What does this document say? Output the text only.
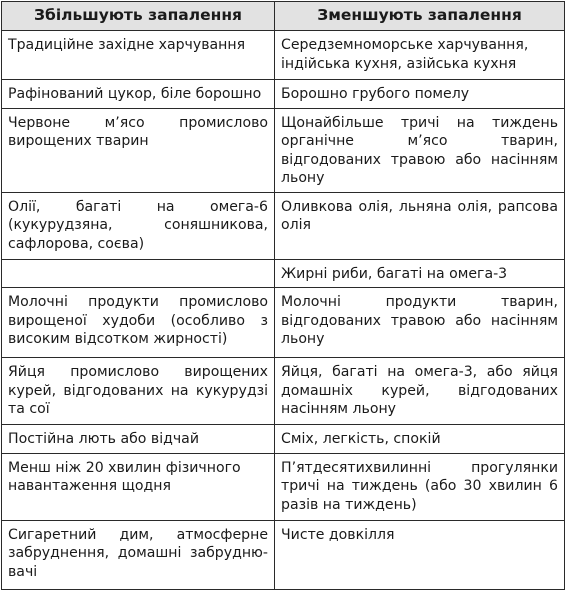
Збільшують запалення	Зменшують запалення
Традиційне західне харчування	Середземноморське харчування, індійська кухня, азійська кухня
Рафінований цукор, біле борошно	Борошно грубого помелу
Червоне м’ясо промислово вирощених тварин	Щонайбільше тричі на тиждень органічне м’ясо тварин, відгодованих травою або насінням льону
Олії, багаті на омега-6 (кукурудзяна, соняшникова, сафлорова, соєва)	Оливкова олія, льняна олія, рапсова олія
	Жирні риби, багаті на омега-3
Молочні продукти промислово вирощеної худоби (особливо з високим відсотком жирності)	Молочні продукти тварин, відгодованих травою або насінням льону
Яйця промислово вирощених курей, відгодованих на кукурудзі та сої	Яйця, багаті на омега-3, або яйця домашніх курей, відгодованих насінням льону
Постійна лють або відчай	Сміх, легкість, спокій
Менш ніж 20 хвилин фізичного навантаження щодня	П’ятдесятихвилинні прогулянки тричі на тиждень (або 30 хвилин 6 разів на тиждень)
Сигаретний дим, атмосферне забруднення, домашні забруднювачі	Чисте довкілля
